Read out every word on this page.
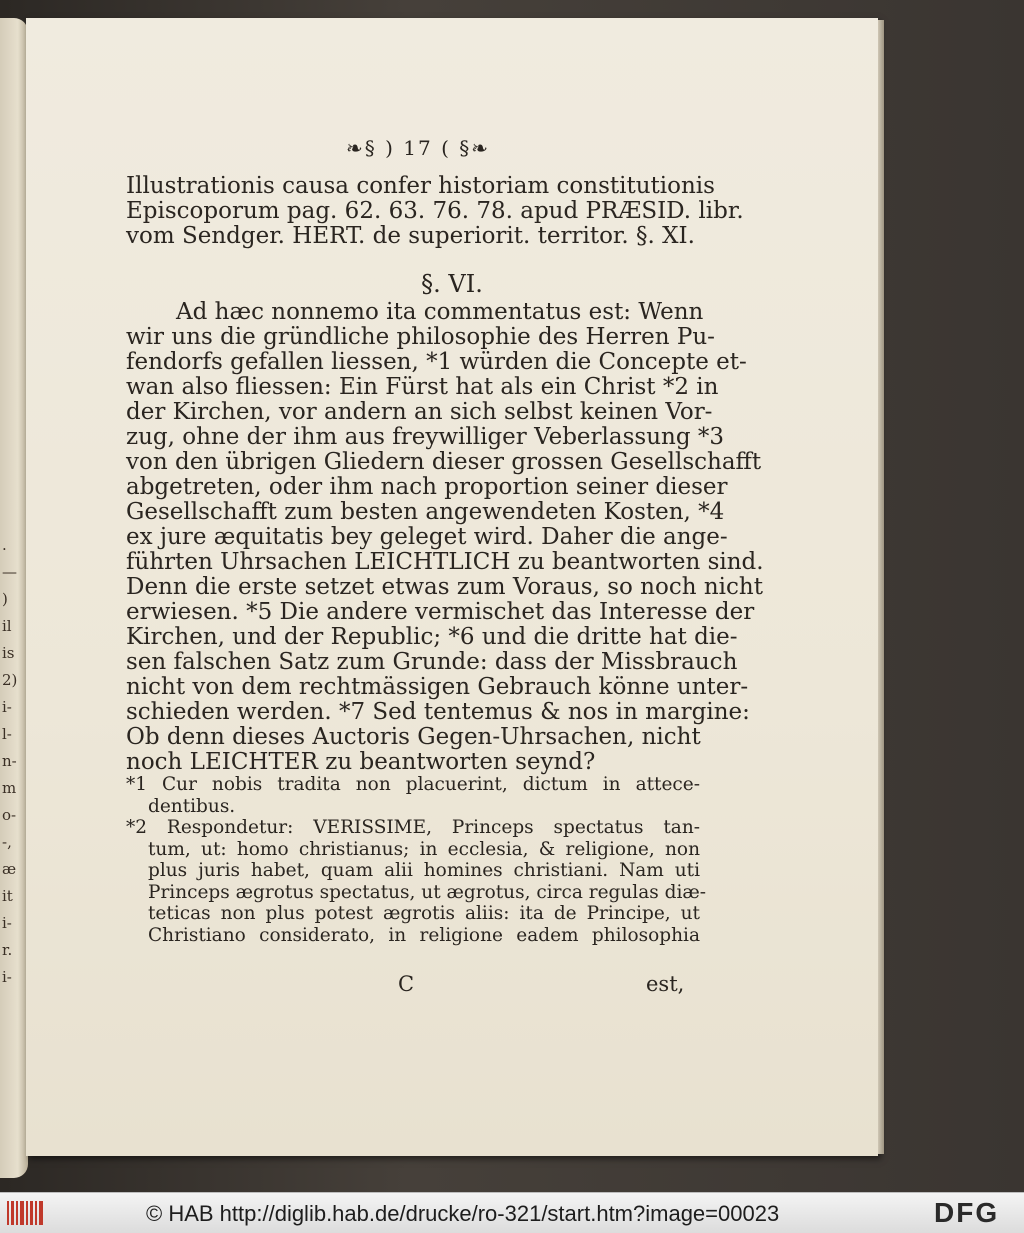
.
—
)
il
is
2)
i-
l-
n-
m
o-
-,
æ
it
i-
r.
i-
❧§ ) 17 ( §❧
Illustrationis causa confer historiam constitutionis
Episcoporum pag. 62. 63. 76. 78. apud PRÆSID. libr.
vom Sendger. HERT. de superiorit. territor. §. XI.
§. VI.
Ad hæc nonnemo ita commentatus est: Wenn
wir uns die gründliche philosophie des Herren Pu-
fendorfs gefallen liessen, *1 würden die Concepte et-
wan also fliessen: Ein Fürst hat als ein Christ *2 in
der Kirchen, vor andern an sich selbst keinen Vor-
zug, ohne der ihm aus freywilliger Veberlassung *3
von den übrigen Gliedern dieser grossen Gesellschafft
abgetreten, oder ihm nach proportion seiner dieser
Gesellschafft zum besten angewendeten Kosten, *4
ex jure æquitatis bey geleget wird. Daher die ange-
führten Uhrsachen LEICHTLICH zu beantworten sind.
Denn die erste setzet etwas zum Voraus, so noch nicht
erwiesen. *5 Die andere vermischet das Interesse der
Kirchen, und der Republic; *6 und die dritte hat die-
sen falschen Satz zum Grunde: dass der Missbrauch
nicht von dem rechtmässigen Gebrauch könne unter-
schieden werden. *7 Sed tentemus & nos in margine:
Ob denn dieses Auctoris Gegen-Uhrsachen, nicht
noch LEICHTER zu beantworten seynd?
*1 Cur nobis tradita non placuerint, dictum in attece-
dentibus.
*2 Respondetur: VERISSIME, Princeps spectatus tan-
tum, ut: homo christianus; in ecclesia, & religione, non
plus juris habet, quam alii homines christiani. Nam uti
Princeps ægrotus spectatus, ut ægrotus, circa regulas diæ-
teticas non plus potest ægrotis aliis: ita de Principe, ut
Christiano considerato, in religione eadem philosophia
C	est,
© HAB http://diglib.hab.de/drucke/ro-321/start.htm?image=00023	DFG
